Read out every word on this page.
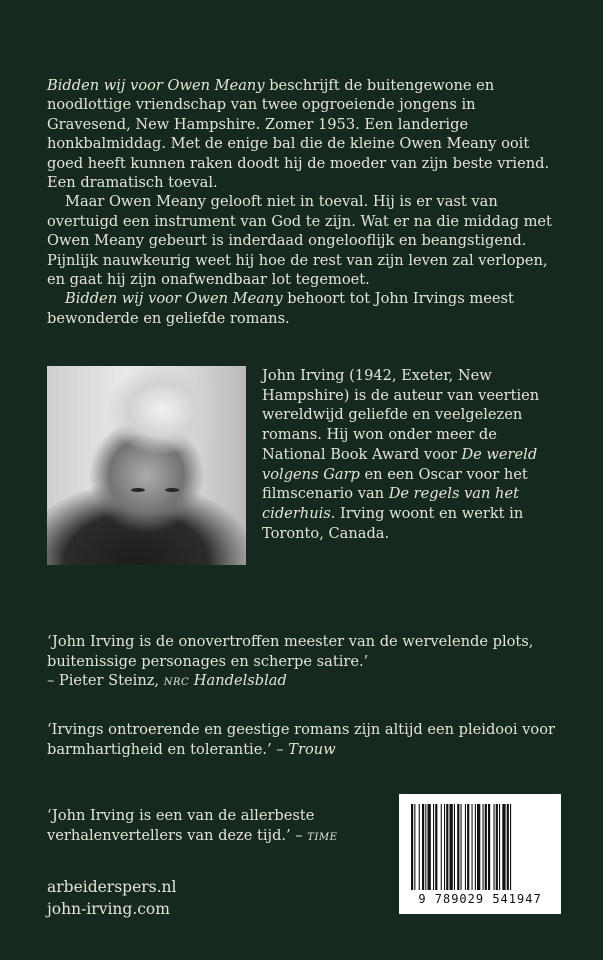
Bidden wij voor Owen Meany beschrijft de buitengewone en noodlottige vriendschap van twee opgroeiende jongens in Gravesend, New Hampshire. Zomer 1953. Een landerige honkbalmiddag. Met de enige bal die de kleine Owen Meany ooit goed heeft kunnen raken doodt hij de moeder van zijn beste vriend. Een dramatisch toeval.

Maar Owen Meany gelooft niet in toeval. Hij is er vast van overtuigd een instrument van God te zijn. Wat er na die middag met Owen Meany gebeurt is inderdaad ongelooflijk en beangstigend. Pijnlijk nauwkeurig weet hij hoe de rest van zijn leven zal verlopen, en gaat hij zijn onafwendbaar lot tegemoet.

Bidden wij voor Owen Meany behoort tot John Irvings meest bewonderde en geliefde romans.

John Irving (1942, Exeter, New Hampshire) is de auteur van veertien wereldwijd geliefde en veelgelezen romans. Hij won onder meer de National Book Award voor De wereld volgens Garp en een Oscar voor het filmscenario van De regels van het ciderhuis. Irving woont en werkt in Toronto, Canada.

‘John Irving is de onovertroffen meester van de wervelende plots, buitenissige personages en scherpe satire.’
– Pieter Steinz, nrc Handelsblad

‘Irvings ontroerende en geestige romans zijn altijd een pleidooi voor barmhartigheid en tolerantie.’ – Trouw

‘John Irving is een van de allerbeste verhalenvertellers van deze tijd.’ – time

arbeiderspers.nl
john-irving.com
9 789029 541947
